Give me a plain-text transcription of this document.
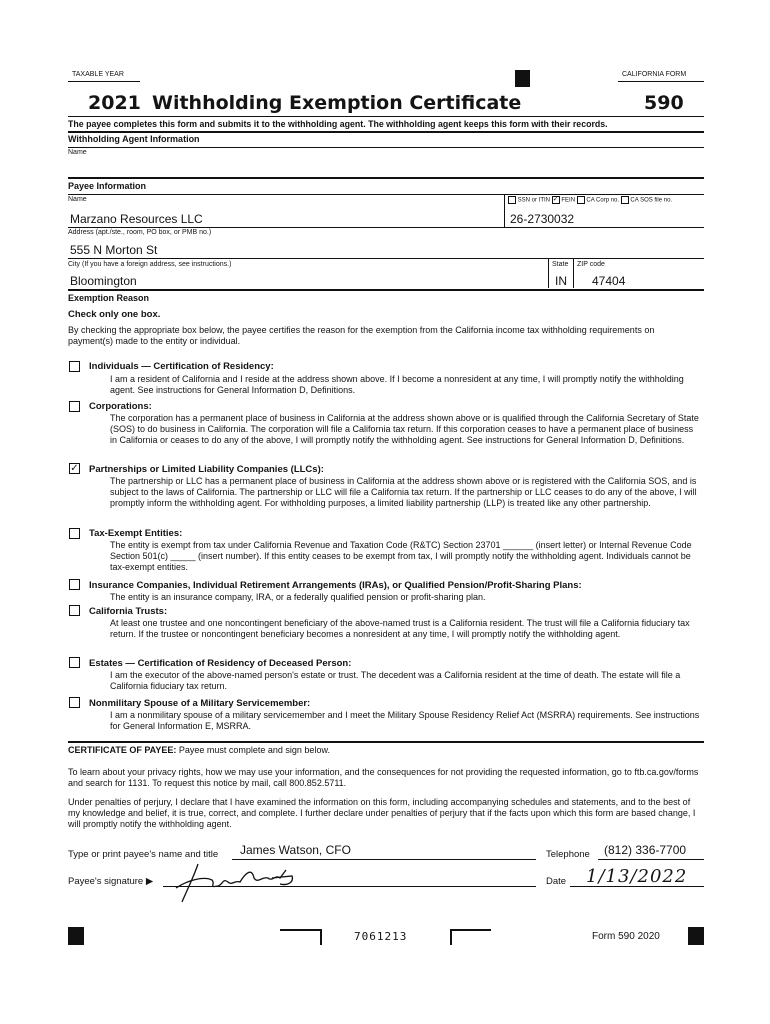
TAXABLE YEAR	CALIFORNIA FORM
2021 Withholding Exemption Certificate	590
The payee completes this form and submits it to the withholding agent. The withholding agent keeps this form with their records.
Withholding Agent Information
Name
Payee Information
Name	SSN or ITIN ✓ FEIN CA Corp no. CA SOS file no.
Marzano Resources LLC	26-2730032
Address (apt./ste., room, PO box, or PMB no.)
555 N Morton St
City (If you have a foreign address, see instructions.)	State ZIP code
Bloomington	IN 47404
Exemption Reason
Check only one box.
By checking the appropriate box below, the payee certifies the reason for the exemption from the California income tax withholding requirements on payment(s) made to the entity or individual.
Individuals — Certification of Residency:
I am a resident of California and I reside at the address shown above. If I become a nonresident at any time, I will promptly notify the withholding agent. See instructions for General Information D, Definitions.
Corporations:
The corporation has a permanent place of business in California at the address shown above or is qualified through the California Secretary of State (SOS) to do business in California. The corporation will file a California tax return. If this corporation ceases to have a permanent place of business in California or ceases to do any of the above, I will promptly notify the withholding agent. See instructions for General Information D, Definitions.
✓ Partnerships or Limited Liability Companies (LLCs):
The partnership or LLC has a permanent place of business in California at the address shown above or is registered with the California SOS, and is subject to the laws of California. The partnership or LLC will file a California tax return. If the partnership or LLC ceases to do any of the above, I will promptly inform the withholding agent. For withholding purposes, a limited liability partnership (LLP) is treated like any other partnership.
Tax-Exempt Entities:
The entity is exempt from tax under California Revenue and Taxation Code (R&TC) Section 23701 ______ (insert letter) or Internal Revenue Code Section 501(c) _____ (insert number). If this entity ceases to be exempt from tax, I will promptly notify the withholding agent. Individuals cannot be tax-exempt entities.
Insurance Companies, Individual Retirement Arrangements (IRAs), or Qualified Pension/Profit-Sharing Plans:
The entity is an insurance company, IRA, or a federally qualified pension or profit-sharing plan.
California Trusts:
At least one trustee and one noncontingent beneficiary of the above-named trust is a California resident. The trust will file a California fiduciary tax return. If the trustee or noncontingent beneficiary becomes a nonresident at any time, I will promptly notify the withholding agent.
Estates — Certification of Residency of Deceased Person:
I am the executor of the above-named person's estate or trust. The decedent was a California resident at the time of death. The estate will file a California fiduciary tax return.
Nonmilitary Spouse of a Military Servicemember:
I am a nonmilitary spouse of a military servicemember and I meet the Military Spouse Residency Relief Act (MSRRA) requirements. See instructions for General Information E, MSRRA.
CERTIFICATE OF PAYEE: Payee must complete and sign below.
To learn about your privacy rights, how we may use your information, and the consequences for not providing the requested information, go to ftb.ca.gov/forms and search for 1131. To request this notice by mail, call 800.852.5711.
Under penalties of perjury, I declare that I have examined the information on this form, including accompanying schedules and statements, and to the best of my knowledge and belief, it is true, correct, and complete. I further declare under penalties of perjury that if the facts upon which this form are based change, I will promptly notify the withholding agent.
Type or print payee's name and title James Watson, CFO	Telephone (812) 336-7700
Payee's signature ▶	Date 1/13/2022
7061213	Form 590 2020
